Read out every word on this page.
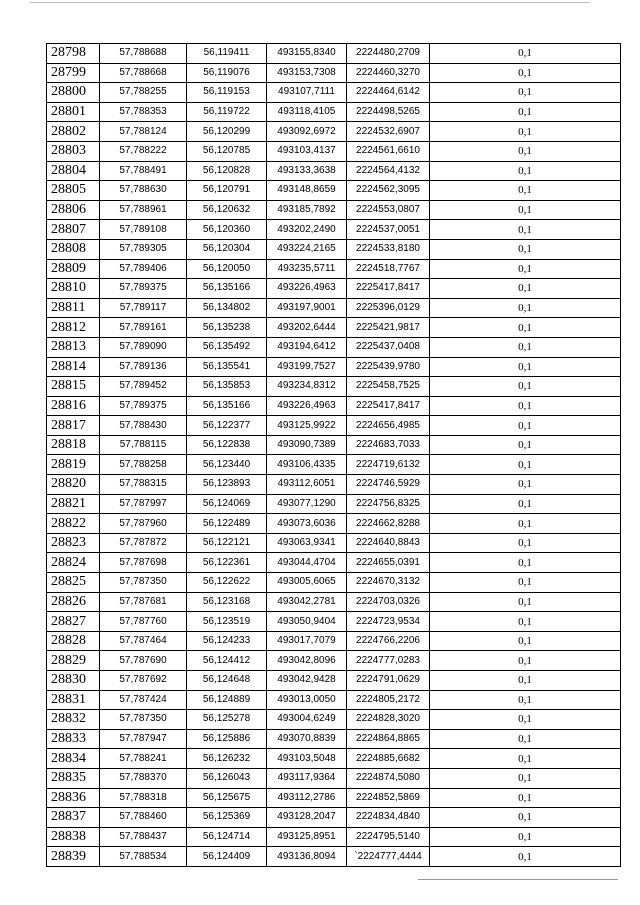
28798	57,788688	56,119411	493155,8340	2224480,2709	0,1
28799	57,788668	56,119076	493153,7308	2224460,3270	0,1
28800	57,788255	56,119153	493107,7111	2224464,6142	0,1
28801	57,788353	56,119722	493118,4105	2224498,5265	0,1
28802	57,788124	56,120299	493092,6972	2224532,6907	0,1
28803	57,788222	56,120785	493103,4137	2224561,6610	0,1
28804	57,788491	56,120828	493133,3638	2224564,4132	0,1
28805	57,788630	56,120791	493148,8659	2224562,3095	0,1
28806	57,788961	56,120632	493185,7892	2224553,0807	0,1
28807	57,789108	56,120360	493202,2490	2224537,0051	0,1
28808	57,789305	56,120304	493224,2165	2224533,8180	0,1
28809	57,789406	56,120050	493235,5711	2224518,7767	0,1
28810	57,789375	56,135166	493226,4963	2225417,8417	0,1
28811	57,789117	56,134802	493197,9001	2225396,0129	0,1
28812	57,789161	56,135238	493202,6444	2225421,9817	0,1
28813	57,789090	56,135492	493194,6412	2225437,0408	0,1
28814	57,789136	56,135541	493199,7527	2225439,9780	0,1
28815	57,789452	56,135853	493234,8312	2225458,7525	0,1
28816	57,789375	56,135166	493226,4963	2225417,8417	0,1
28817	57,788430	56,122377	493125,9922	2224656,4985	0,1
28818	57,788115	56,122838	493090,7389	2224683,7033	0,1
28819	57,788258	56,123440	493106,4335	2224719,6132	0,1
28820	57,788315	56,123893	493112,6051	2224746,5929	0,1
28821	57,787997	56,124069	493077,1290	2224756,8325	0,1
28822	57,787960	56,122489	493073,6036	2224662,8288	0,1
28823	57,787872	56,122121	493063,9341	2224640,8843	0,1
28824	57,787698	56,122361	493044,4704	2224655,0391	0,1
28825	57,787350	56,122622	493005,6065	2224670,3132	0,1
28826	57,787681	56,123168	493042,2781	2224703,0326	0,1
28827	57,787760	56,123519	493050,9404	2224723,9534	0,1
28828	57,787464	56,124233	493017,7079	2224766,2206	0,1
28829	57,787690	56,124412	493042,8096	2224777,0283	0,1
28830	57,787692	56,124648	493042,9428	2224791,0629	0,1
28831	57,787424	56,124889	493013,0050	2224805,2172	0,1
28832	57,787350	56,125278	493004,6249	2224828,3020	0,1
28833	57,787947	56,125886	493070,8839	2224864,8865	0,1
28834	57,788241	56,126232	493103,5048	2224885,6682	0,1
28835	57,788370	56,126043	493117,9364	2224874,5080	0,1
28836	57,788318	56,125675	493112,2786	2224852,5869	0,1
28837	57,788460	56,125369	493128,2047	2224834,4840	0,1
28838	57,788437	56,124714	493125,8951	2224795,5140	0,1
28839	57,788534	56,124409	493136,8094	`2224777,4444	0,1
